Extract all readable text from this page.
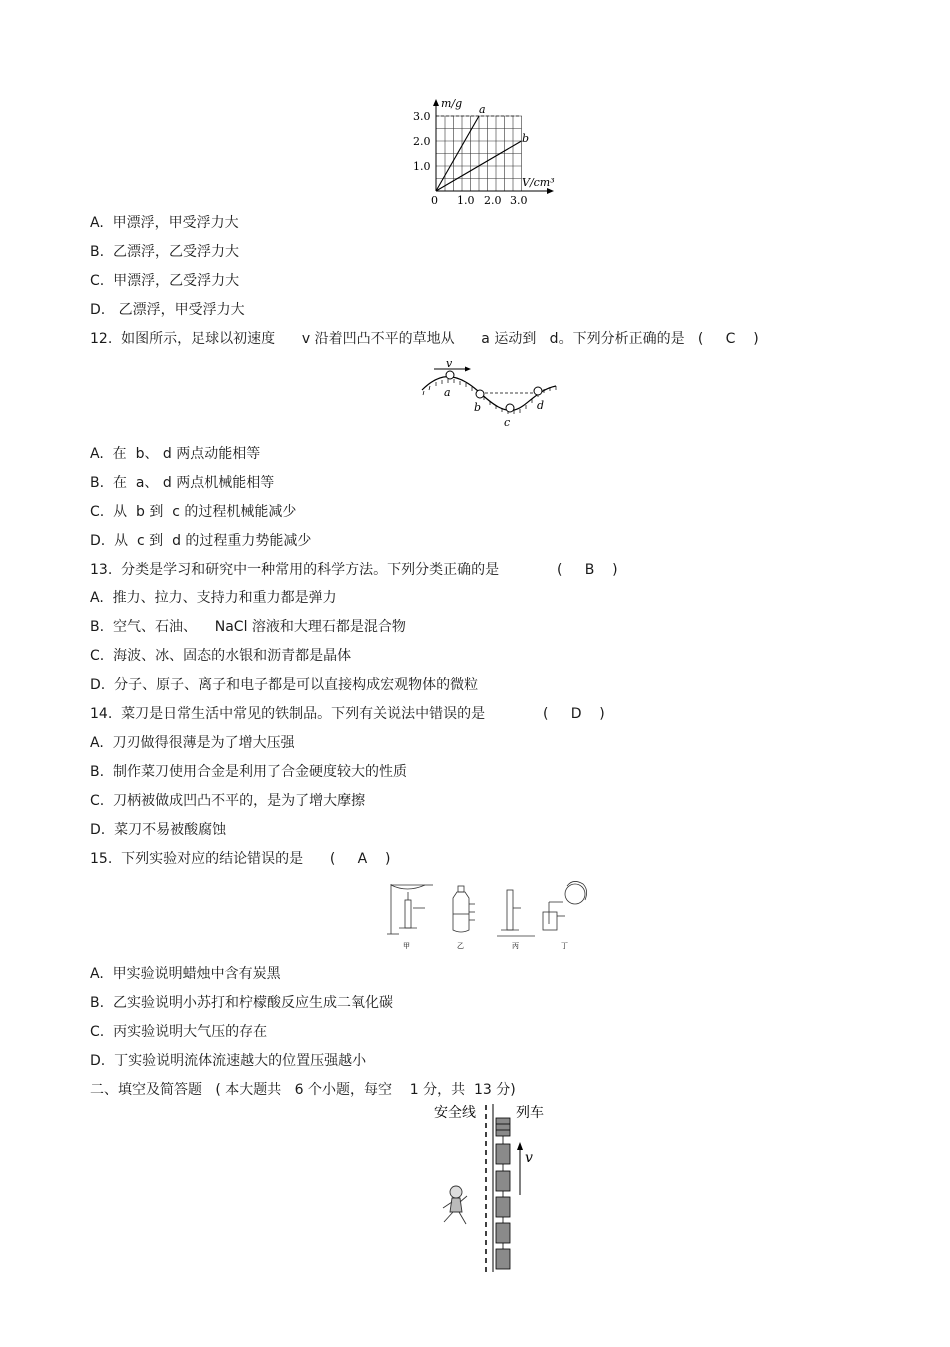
m/g a
b
V/cm³
0
1.0
2.0
3.0
1.0 2.0 3.0
A.  甲漂浮，甲受浮力大
B.  乙漂浮，乙受浮力大
C.  甲漂浮，乙受浮力大
D.   乙漂浮，甲受浮力大
12.  如图所示，足球以初速度      v 沿着凹凸不平的草地从      a 运动到   d。下列分析正确的是   (     C    )
v
a
b
c
d
A.  在  b、 d 两点动能相等
B.  在  a、 d 两点机械能相等
C.  从  b 到  c 的过程机械能减少
D.  从  c 到  d 的过程重力势能减少
13.  分类是学习和研究中一种常用的科学方法。下列分类正确的是             (     B    )
A.  推力、拉力、支持力和重力都是弹力
B.  空气、石油、    NaCl 溶液和大理石都是混合物
C.  海波、冰、固态的水银和沥青都是晶体
D.  分子、原子、离子和电子都是可以直接构成宏观物体的微粒
14.  菜刀是日常生活中常见的铁制品。下列有关说法中错误的是             (     D    )
A.  刀刃做得很薄是为了增大压强
B.  制作菜刀使用合金是利用了合金硬度较大的性质
C.  刀柄被做成凹凸不平的，是为了增大摩擦
D.  菜刀不易被酸腐蚀
15.  下列实验对应的结论错误的是      (     A    )
甲	乙	丙	丁
A.  甲实验说明蜡烛中含有炭黑
B.  乙实验说明小苏打和柠檬酸反应生成二氧化碳
C.  丙实验说明大气压的存在
D.  丁实验说明流体流速越大的位置压强越小
二、填空及简答题   ( 本大题共   6 个小题，每空    1 分，共  13 分)
安全线	列车
v
